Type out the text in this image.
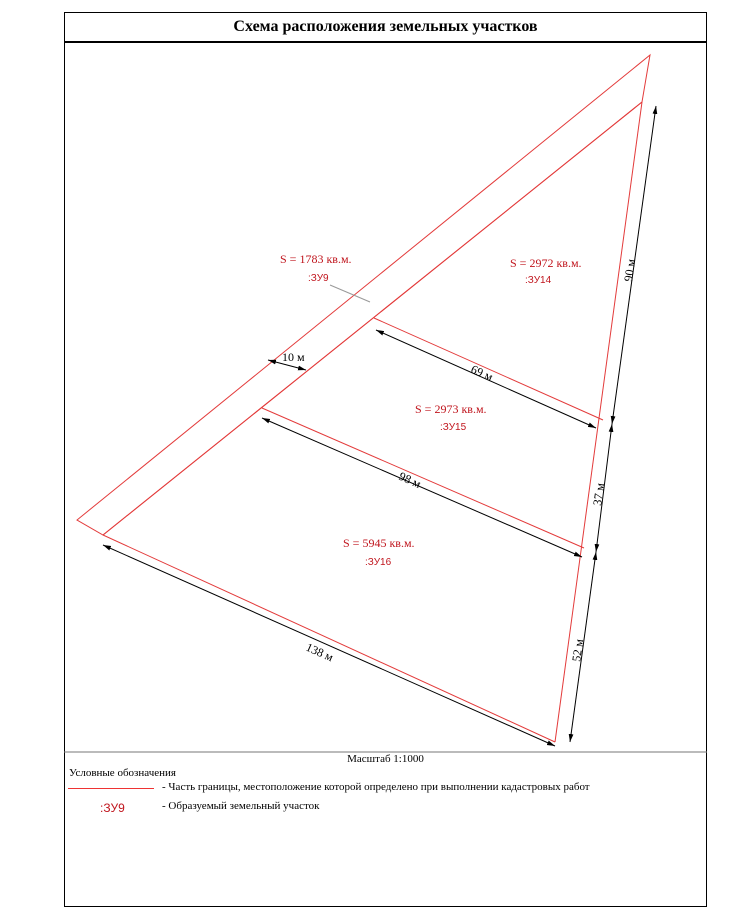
Схема расположения земельных участков
S = 1783 кв.м.
:ЗУ9
S = 2972 кв.м.
:ЗУ14
S = 2973 кв.м.
:ЗУ15
S = 5945 кв.м.
:ЗУ16
10 м
69 м
98 м
138 м
90 м
37 м
52 м
Масштаб 1:1000
Условные обозначения
- Часть границы, местоположение которой определено при выполнении кадастровых работ
:ЗУ9	- Образуемый земельный участок
